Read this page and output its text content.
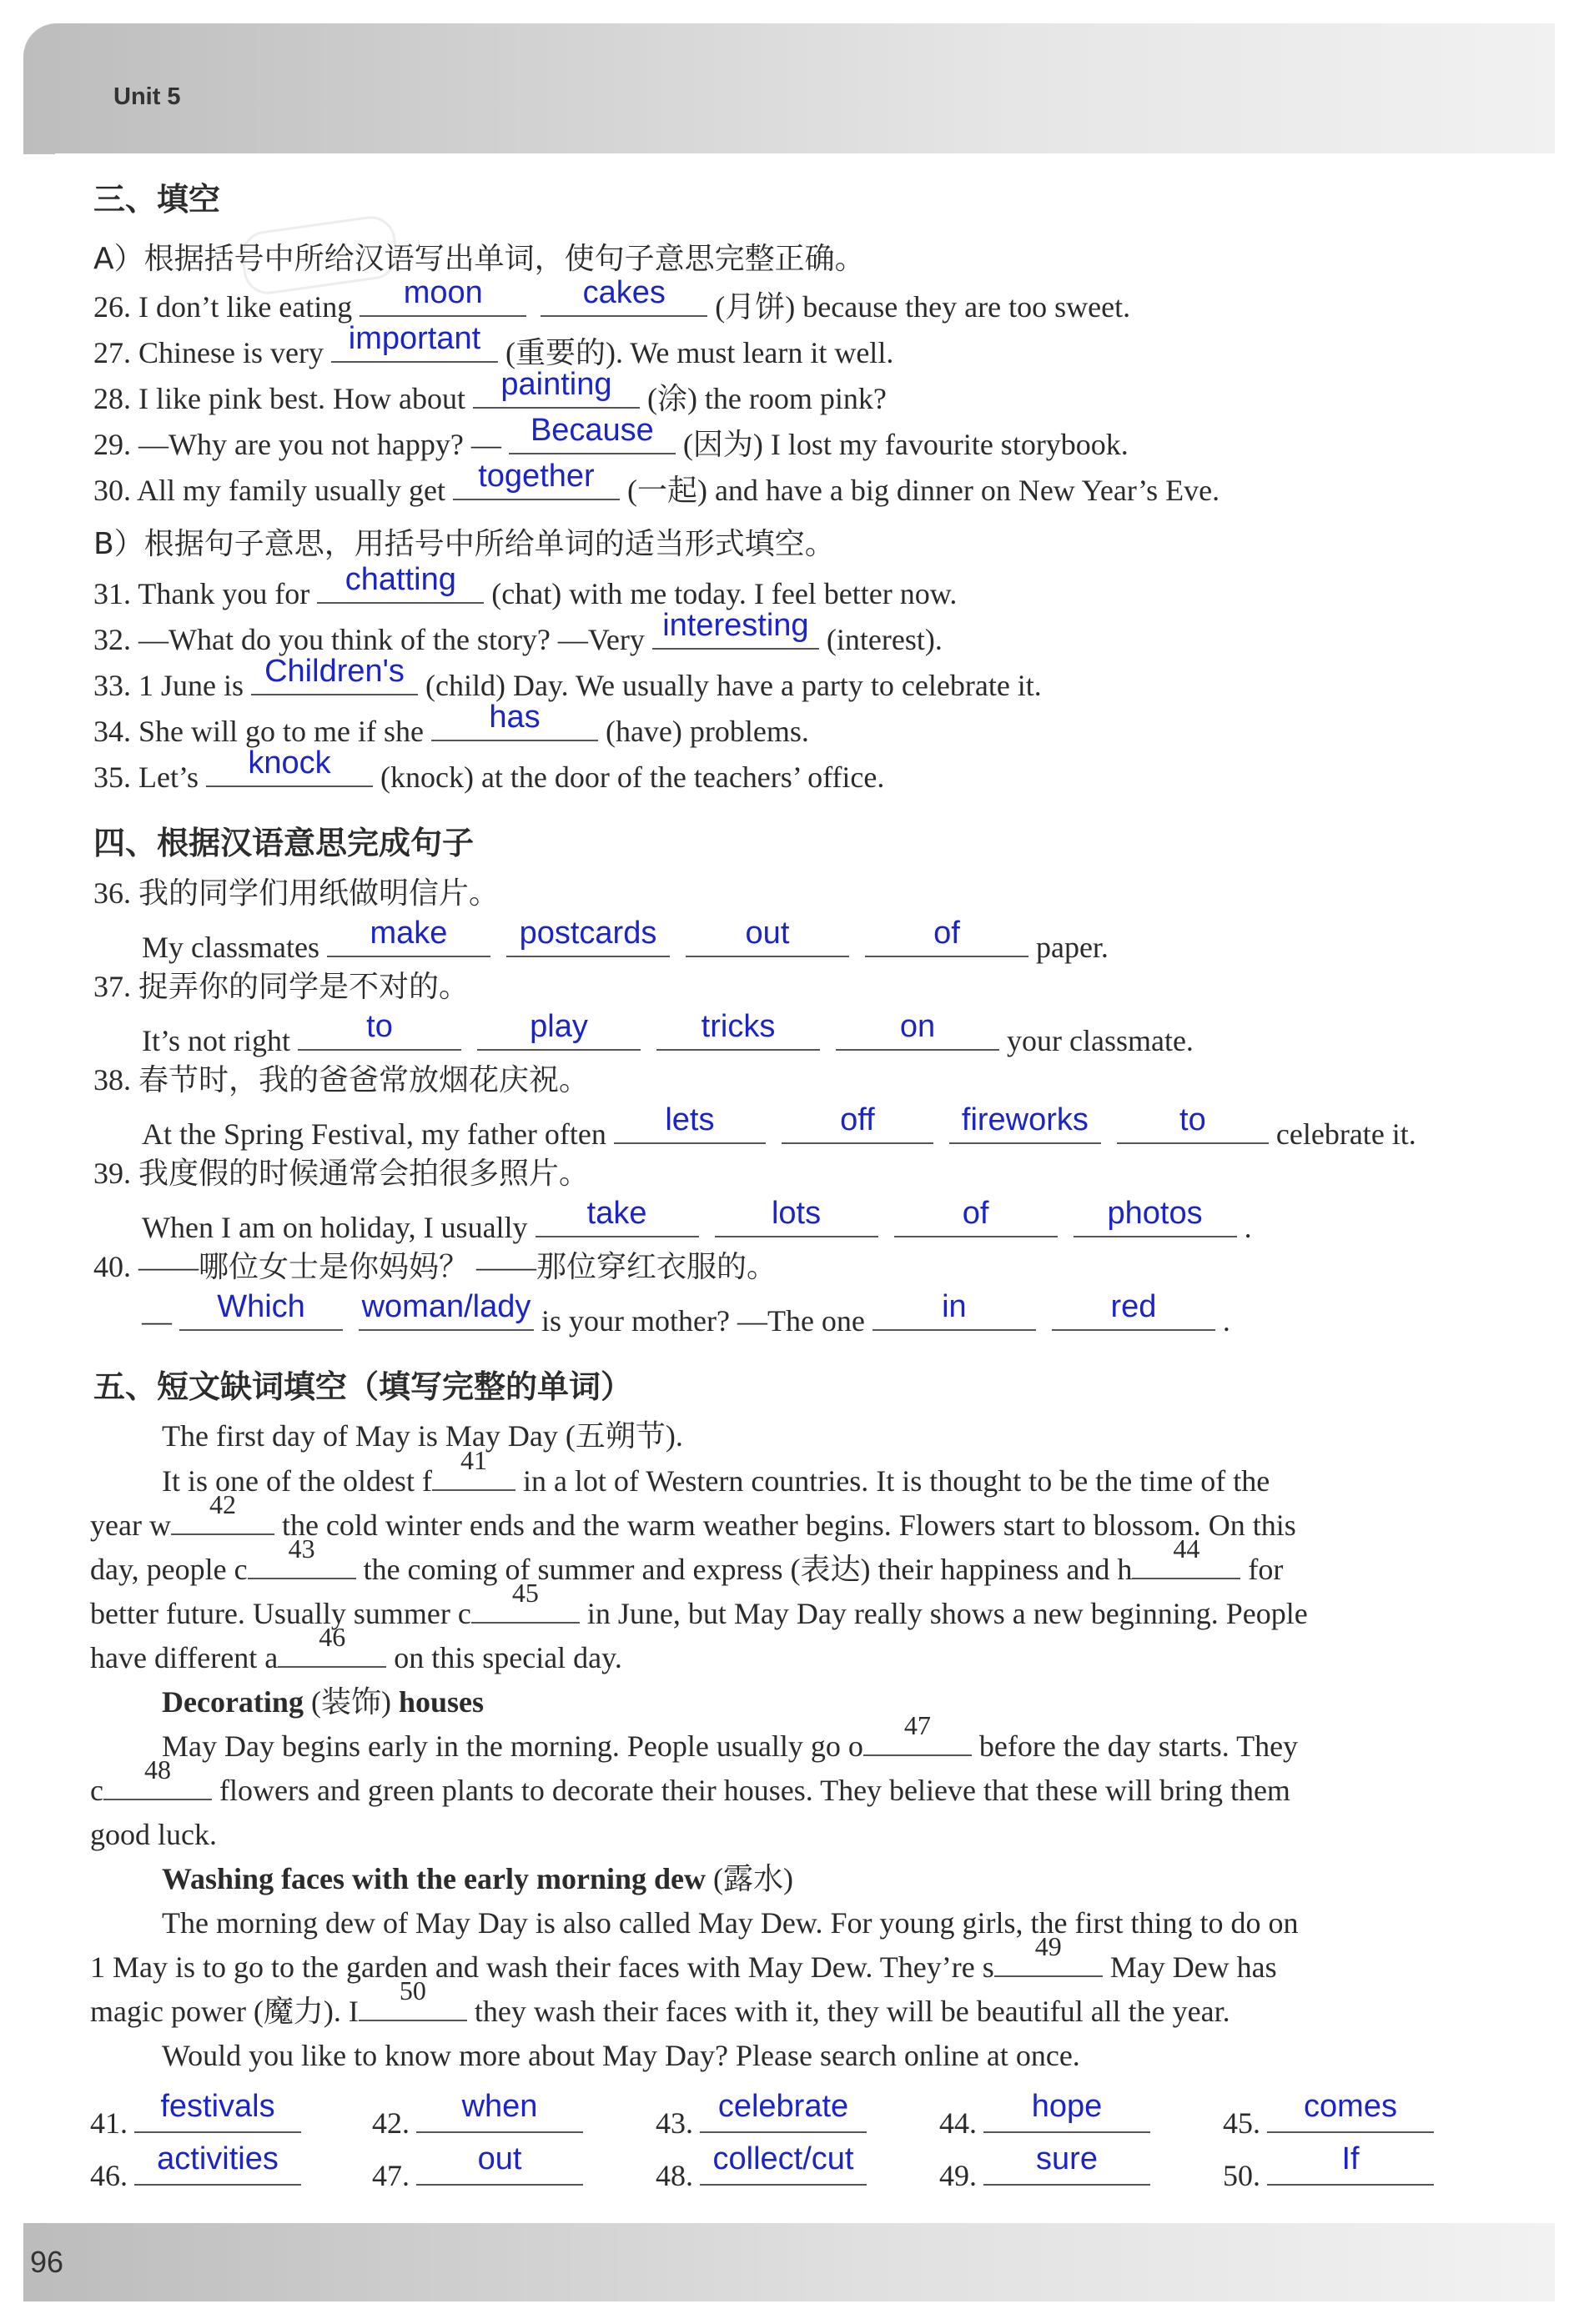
Unit 5
96
三、填空
A）根据括号中所给汉语写出单词，使句子意思完整正确。
26. I don’t like eating	moon
	cakes	(月饼) because they are too sweet.
27. Chinese is very important (重要的). We must learn it well.
28. I like pink best. How about	painting	(涂) the room pink?
29. —Why are you not happy? — Because (因为) I lost my favourite storybook.
30. All my family usually get	together	(一起) and have a big dinner on New Year’s Eve.
B）根据句子意思，用括号中所给单词的适当形式填空。
31. Thank you for	chatting	(chat) with me today. I feel better now.
32. —What do you think of the story? —Very interesting (interest).
33. 1 June is Children's (child) Day. We usually have a party to celebrate it.
34. She will go to me if she	has	(have) problems.
35. Let’s	knock	(knock) at the door of the teachers’ office.
四、根据汉语意思完成句子
36. 我的同学们用纸做明信片。
My classmates	make
	postcards
	out
	of	paper.
37. 捉弄你的同学是不对的。
It’s not right	to
	play
	tricks
	on	your classmate.
38. 春节时，我的爸爸常放烟花庆祝。
At the Spring Festival, my father often	lets
	off
	fireworks
	to	celebrate it.
39. 我度假的时候通常会拍很多照片。
When I am on holiday, I usually	take
	lots
	of
	photos	.
40. ——哪位女士是你妈妈？ ——那位穿红衣服的。
—	Which
	woman/lady is your mother? —The one	in
	red	.
五、短文缺词填空（填写完整的单词）
The first day of May is May Day (五朔节).
It is one of the oldest f
41
in a lot of Western countries. It is thought to be the time of the
year w
42
the cold winter ends and the warm weather begins. Flowers start to blossom. On this
day, people c
43
the coming of summer and express (表达) their happiness and h
44
for
better future. Usually summer c
45
in June, but May Day really shows a new beginning. People
have different a
46
on this special day.
Decorating (装饰) houses
May Day begins early in the morning. People usually go o
47
before the day starts. They
c
48
flowers and green plants to decorate their houses. They believe that these will bring them
good luck.
Washing faces with the early morning dew (露水)
The morning dew of May Day is also called May Dew. For young girls, the first thing to do on
1 May is to go to the garden and wash their faces with May Dew. They’re s
49
May Dew has
magic power (魔力). I
50
they wash their faces with it, they will be beautiful all the year.
Would you like to know more about May Day? Please search online at once.
41.	festivals	42.	when	43. celebrate	44.	hope	45.	comes
46. activities	47.	out	48. collect/cut	49.	sure	50.	If
